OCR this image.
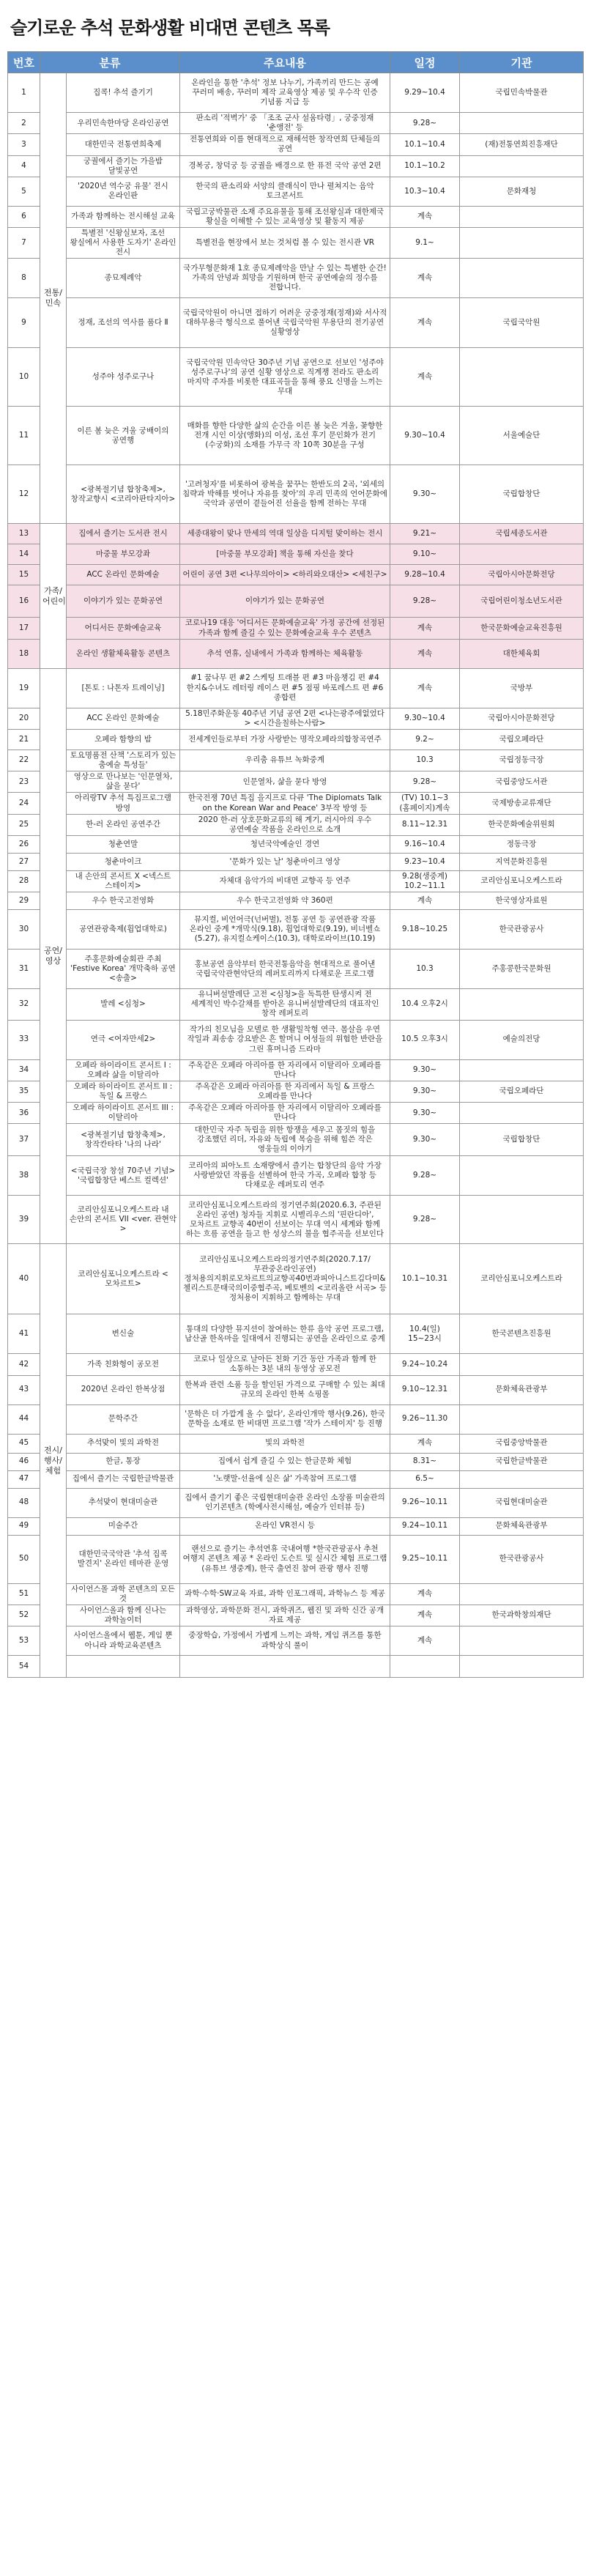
슬기로운 추석 문화생활 비대면 콘텐츠 목록
번호	분류		주요내용	일정	기관
1	전통/민속	집콕! 추석 즐기기	온라인을 통한 '추석' 정보 나누기, 가족끼리 만드는 공예 꾸러미 배송, 꾸러미 제작 교육영상 제공 및 우수작 인증 기념품 지급 등	9.29~10.4	국립민속박물관
2		우리민속한마당 온라인공연	판소리 '적벽가' 중 「조조 군사 설움타령」, 궁중정재 '춘앵전' 등	9.28~	
3		대한민국 전통연희축제	전통연희와 이를 현대적으로 재해석한 창작연희 단체들의 공연	10.1~10.4	(재)전통연희진흥재단
4		궁궐에서 즐기는 가을밤 달빛공연	경복궁, 창덕궁 등 궁궐을 배경으로 한 퓨전 국악 공연 2편	10.1~10.2	
5		'2020년 역수궁 유물' 전시 온라인판	한국의 판소리와 서양의 클래식이 만나 펼쳐지는 음악 토크콘서트	10.3~10.4	문화재청
6		가족과 함께하는 전시해설 교육	국립고궁박물관 소재 주요유물을 통해 조선왕실과 대한제국 황실을 이해할 수 있는 교육영상 및 활동지 제공	계속	
7		특별전 '신왕실보자, 조선 왕실에서 사용한 도자기' 온라인 전시	특별전을 현장에서 보는 것처럼 볼 수 있는 전시관 VR	9.1~	
8		종묘제례악	국가무형문화재 1호 종묘제례악을 만날 수 있는 특별한 순간! 가족의 안녕과 희망을 기원하며 한국 공연예술의 정수를 전합니다.	계속	
9		정재, 조선의 역사를 품다 Ⅱ	국립국악원이 아니면 접하기 어려운 궁중정재(정재)와 서사적 대하무용극 형식으로 풀어낸 국립국악원 무용단의 전기공연 실황영상	계속	국립국악원
10		성주야 성주로구나	국립국악원 민속악단 30주년 기념 공연으로 선보인 '성주야 성주로구나'의 공연 실황 영상으로 직계쟁 전라도 판소리 마지막 주자를 비롯한 대표곡들을 통해 풍요 신명을 느끼는 무대	계속	
11		이른 봄 늦은 겨울 궁배이의 공연행	매화를 향한 다양한 삶의 순간을 이른 봄 늦은 겨울, 꽃향한 전개 시인 이상(앵화)의 이성, 조선 후기 문인화가 전기(수궁화)의 소재를 가무극 작 10쪽 30분을 구성	9.30~10.4	서울예술단
12		<광복절기념 합창축제>, 창작교향시 <코리아판타지아>	'고려청자'를 비롯하여 광복을 꿈꾸는 한반도의 2곡, '외세의 침략과 박해를 벗어나 자유를 찾아'의 우리 민족의 언어문화에 국악과 공연이 곁들어진 선율을 함께 전하는 무대	9.30~	국립합창단
13	가족/어린이	집에서 즐기는 도서관 전시	세종대왕이 맞나 만세의 역대 일상을 디지털 맞이하는 전시	9.21~	국립세종도서관
14		마중물 부모강좌	[마중물 부모강좌] 책을 통해 자신을 찾다	9.10~	
15		ACC 온라인 문화예술	어린이 공연 3편 <나무의아이> <하리와오대산> <세친구>	9.28~10.4	국립아시아문화전당
16		이야기가 있는 문화공연	이야기가 있는 문화공연	9.28~	국립어린이청소년도서관
17		어디서든 문화예술교육	코로나19 대응 '어디서든 문화예술교육' 가정 공간에 선정된 가족과 함께 즐길 수 있는 문화예술교육 우수 콘텐츠	계속	한국문화예술교육진흥원
18		온라인 생활체육활동 콘텐츠	추석 연휴, 실내에서 가족과 함께하는 체육활동	계속	대한체육회
19	공연/영상	[톤토 : 나톤자 트레이닝]	#1 꿈나무 편 #2 스케팅 트래블 편 #3 마음챙김 편 #4 한지&수녀도 레터링 레이스 편 #5 점핑 바포레스트 편 #6 종합편	계속	국방부
20		ACC 온라인 문화예술	5.18민주화운동 40주년 기념 공연 2편 <나는광주에없었다> <시간을칠하는사람>	9.30~10.4	국립아시아문화전당
21		오페라 함향의 밤	전세계인들로부터 가장 사랑받는 명작오페라의합창곡연주	9.2~	국립오페라단
22		토요명품전 산책 '스토리가 있는 춤예술 특성들'	우리춤 유튜브 녹화중계	10.3	국립정동극장
23		영상으로 만나보는 '인문열차, 삶을 묻다'	인문열차, 삶을 묻다 방영	9.28~	국립중앙도서관
24		아리랑TV 추석 특집프로그램 방영	한국전쟁 70년 특집 을지프로 다큐 'The Diplomats Talk on the Korean War and Peace' 3부작 방영 등	(TV) 10.1~3 (홈페이지)계속	국제방송교류재단
25		한-러 온라인 공연주간	2020 한-러 상호문화교류의 해 계기, 러시아의 우수 공연예술 작품을 온라인으로 소개	8.11~12.31	한국문화예술위원회
26		청춘연말	청년국악예술인 경연	9.16~10.4	정동극장
27		청춘마이크	'문화가 있는 날' 청춘마이크 영상	9.23~10.4	지역문화진흥원
28		내 손안의 콘서트 X <넥스트 스테이지>	자체대 음악가의 비대면 교향곡 등 연주	9.28(생중계) 10.2~11.1	코리안심포니오케스트라
29		우수 한국고전영화	우수 한국고전영화 약 360편	계속	한국영상자료원
30		공연관광축제(휩업대학로)	뮤지컬, 비언어극(넌버벌), 전통 공연 등 공연관광 작품 온라인 중계 *개막식(9.18), 휩업대학로(9.19), 비너벨쇼(5.27), 유지컬쇼케이스(10.3), 대학로라이브(10.19)	9.18~10.25	한국관광공사
31		주홍문화예술회관 주최 'Festive Korea' 개막축하 공연 <송출>	홍보공연 음악부터 한국전통음악을 현대적으로 풀어낸 국립국악관현악단의 레퍼토리까지 다채로운 프로그램	10.3	주홍콩한국문화원
32		발레 <심청>	유니버설발레단 고전 <심청>을 독특한 탄생시켜 전 세계적인 박수갈채를 받아온 유니버설발레단의 대표작인 창작 레퍼토리	10.4 오후2시	
33		연극 <여자만세2>	작가의 친모님을 모델로 한 생활밀착형 연극. 몸살을 우연 작일과 죄송송 강요받은 흔 할머니 여성들의 위험한 반란을 그린 휴머니즘 드라마	10.5 오후3시	예술의전당
34		오페라 하이라이트 콘서트 I : 오페라 삶을 이탈리아	주옥같은 오페라 아리아를 한 자리에서 이탈리아 오페라를 만나다	9.30~	
35		오페라 하이라이트 콘서트 II : 독일 & 프랑스	주옥같은 오페라 아리아를 한 자리에서 독일 & 프랑스 오페라를 만나다	9.30~	국립오페라단
36		오페라 하이라이트 콘서트 III : 이탈리아	주옥같은 오페라 아리아를 한 자리에서 이탈리아 오페라를 만나다	9.30~	
37		<광복절기념 합창축제>, 창작칸타타 '나의 나라'	대한민국 자주 독립을 위한 항쟁을 세우고 몸짓의 힘을 강조했던 리더, 자유와 독립에 목숨을 위해 힘쓴 작은 영웅들의 이야기	9.30~	국립합창단
38		<국립극장 창설 70주년 기념> '국립합창단 베스트 컬렉션'	코리아의 피아노트 소재량에서 즐기는 합창단의 음악 가장 사랑받았던 작품을 선별하여 한국 가곡, 오페라 합창 등 다채로운 레퍼토리 연주	9.28~	
39		코리안심포니오케스트라 내 손안의 콘서트 VII <ver. 관현악>	코리안심포니오케스트라의 정기연주회(2020.6.3, 주관된 온라인 공연) 청자들 지휘로 시벨리우스의 '핀란디아', 모차르트 교향곡 40번이 선보이는 무대 역시 세계와 함께 하는 흐름 공연을 들고 한 성상스의 불을 협주곡을 선보인다	9.28~	
40	전시/행사/체험	코리안심포니오케스트라 <모차르트>	코리안심포니오케스트라의정기연주회(2020.7.17/무관중온라인공연)정처용의지휘로모차르트의교향곡40번과피아니스트김다미&첼리스트문태국의이중협주곡, 베토벤의 <코리올란 서곡> 등 정처용이 지휘하고 함께하는 무대	10.1~10.31	코리안심포니오케스트라
41		변신술	통대의 다양한 뮤지션이 참여하는 한류 음악 공연 프로그램, 남산골 한옥마을 일대에서 진행되는 공연을 온라인으로 중계	10.4(일) 15~23시	한국콘텐츠진흥원
42		가족 친화형이 공모전	코로나 일상으로 날아든 친화 기간 동안 가족과 함께 한 소통하는 3분 내의 동영상 공모전	9.24~10.24	
43		2020년 온라인 한복상점	한복과 관련 소품 등을 할인된 가격으로 구매할 수 있는 최대 규모의 온라인 한복 쇼핑몰	9.10~12.31	문화체육관광부
44		문학주간	'문학은 더 가깝게 올 수 없다', 온라인개막 행사(9.26), 한국 문학을 소재로 한 비대면 프로그램 '작가 스테이지' 등 진행	9.26~11.30	
45		추석맞이 빛의 과학전	빛의 과학전	계속	국립중앙박물관
46		한글, 통장	집에서 쉽게 즐길 수 있는 한글문화 체험	8.31~	국립한글박물관
47		집에서 즐기는 국립한글박물관	'노랫말-선율에 실은 삶' 가족참여 프로그램	6.5~	
48		추석맞이 현대미술관	집에서 즐기기 좋은 국립현대미술관 온라인 소장품 미술관의 인기콘텐츠 (학예사전시해설, 예술가 인터뷰 등)	9.26~10.11	국립현대미술관
49		미술주간	온라인 VR전시 등	9.24~10.11	문화체육관광부
50		대한민국국악관 '추석 집콕 발견지' 온라인 테마관 운영	랜선으로 즐기는 추석연휴 국내여행 *한국관광공사 추천 여행지 콘텐츠 제공 * 온라인 도슨트 및 실시간 체험 프로그램(유튜브 생중계), 한국 출연진 참여 관광 행사 진행	9.25~10.11	한국관광공사
51		사이언스몰 과학 콘텐츠의 모든 것	과학·수학·SW교육 자료, 과학 인포그래픽, 과학뉴스 등 제공	계속	
52		사이언스올과 함께 신나는 과학놀이터	과학영상, 과학문화 전시, 과학퀴즈, 웹진 및 과학 신간 공개 자료 제공	계속	한국과학창의재단
53		사이언스올에서 웹툰, 게임 뿐 아니라 과학교육콘텐츠	중장학습, 가정에서 가볍게 느끼는 과학, 게임 퀴즈를 통한 과학상식 풀이	계속	
54					
